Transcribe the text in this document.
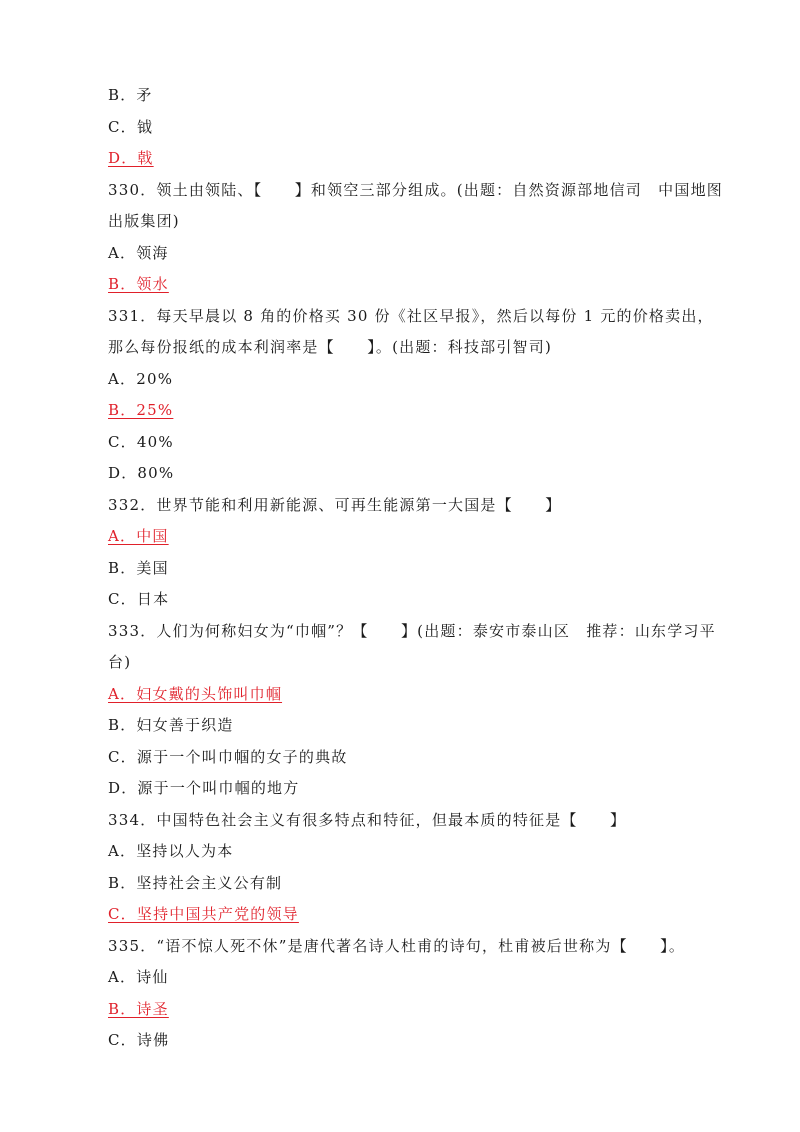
B．矛
C．钺
D．戟
330．领土由领陆、【　　】和领空三部分组成。(出题：自然资源部地信司　中国地图出版集团)
A．领海
B．领水
331．每天早晨以 8 角的价格买 30 份《社区早报》，然后以每份 1 元的价格卖出，那么每份报纸的成本利润率是【　　】。(出题：科技部引智司)
A．20%
B．25%
C．40%
D．80%
332．世界节能和利用新能源、可再生能源第一大国是【　　】
A．中国
B．美国
C．日本
333．人们为何称妇女为“巾帼”？【　　】(出题：泰安市泰山区　推荐：山东学习平台)
A．妇女戴的头饰叫巾帼
B．妇女善于织造
C．源于一个叫巾帼的女子的典故
D．源于一个叫巾帼的地方
334．中国特色社会主义有很多特点和特征，但最本质的特征是【　　】
A．坚持以人为本
B．坚持社会主义公有制
C．坚持中国共产党的领导
335．“语不惊人死不休”是唐代著名诗人杜甫的诗句，杜甫被后世称为【　　】。
A．诗仙
B．诗圣
C．诗佛
